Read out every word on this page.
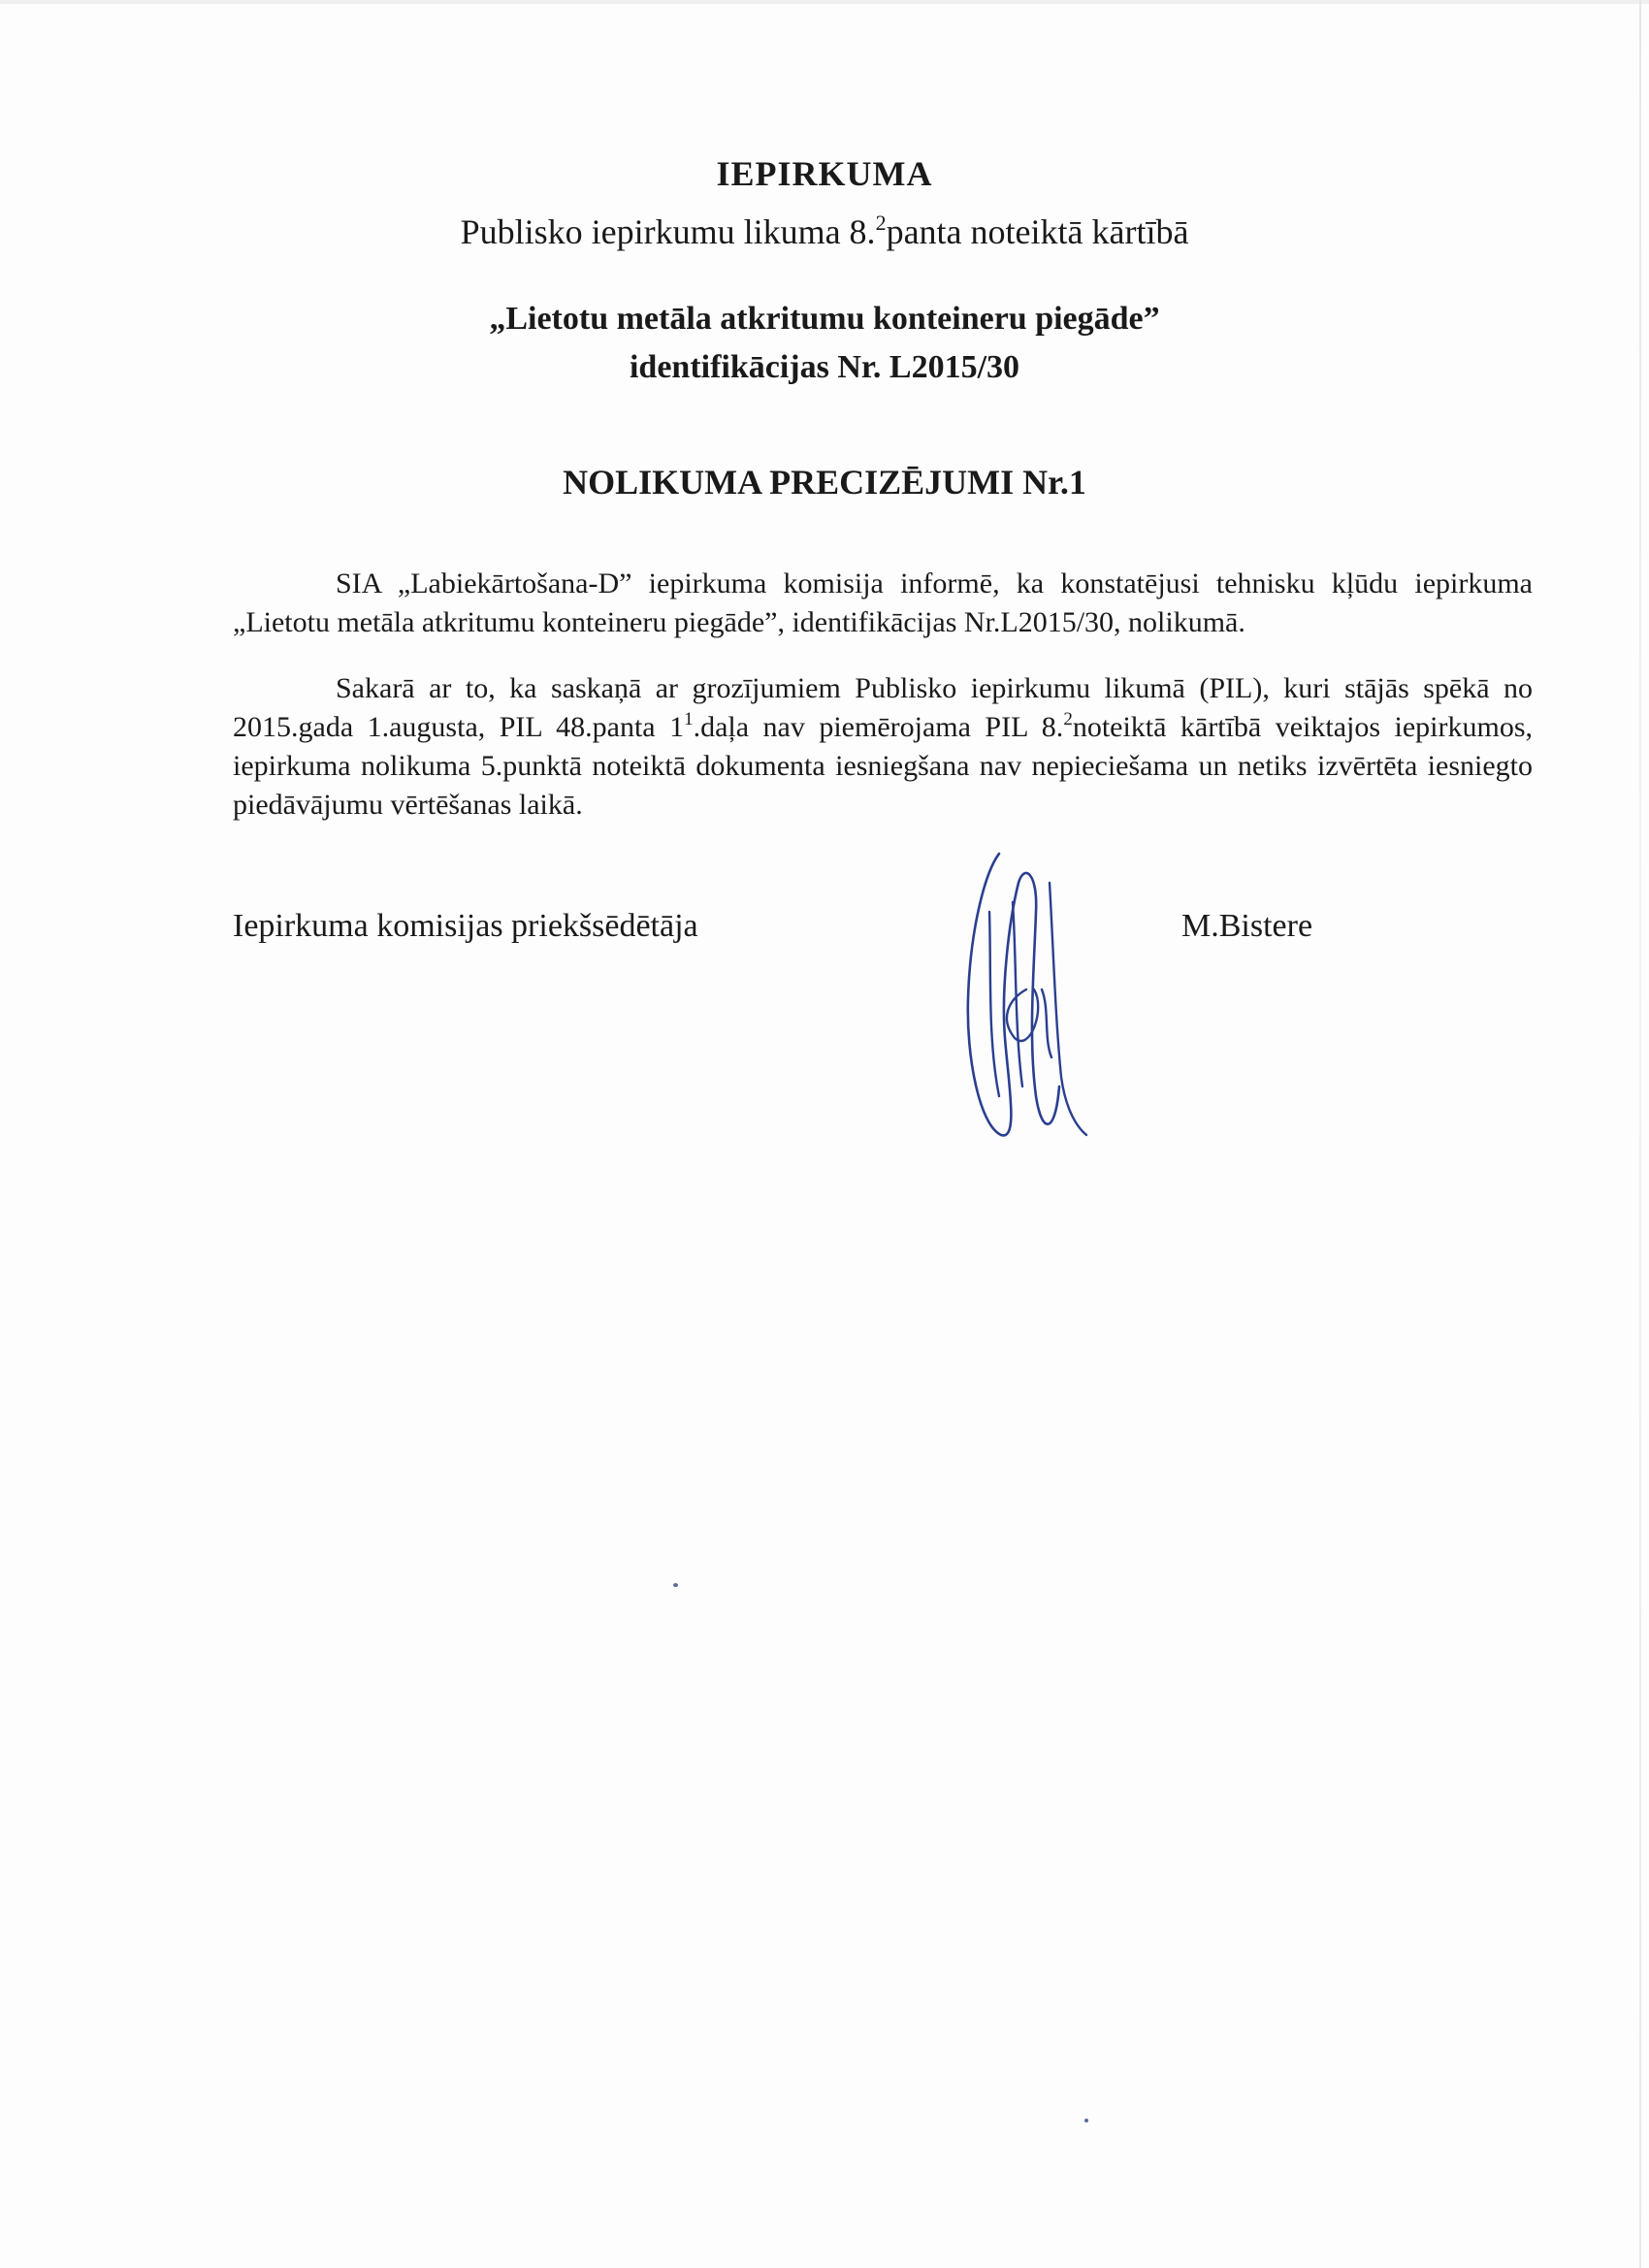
IEPIRKUMA
Publisko iepirkumu likuma 8.$^2$panta noteiktā kārtībā
„Lietotu metāla atkritumu konteineru piegāde”
identifikācijas Nr. L2015/30
NOLIKUMA PRECIZĒJUMI Nr.1
SIA „Labiekārtošana-D” iepirkuma komisija informē, ka konstatējusi tehnisku kļūdu iepirkuma „Lietotu metāla atkritumu konteineru piegāde”, identifikācijas Nr.L2015/30, nolikumā.
Sakarā ar to, ka saskaņā ar grozījumiem Publisko iepirkumu likumā (PIL), kuri stājās spēkā no 2015.gada 1.augusta, PIL 48.panta $1^1.daļa$ nav piemērojama PIL 8.$^2$noteiktā kārtībā veiktajos iepirkumos, iepirkuma nolikuma 5.punktā noteiktā dokumenta iesniegšana nav nepieciešama un netiks izvērtēta iesniegto piedāvājumu vērtēšanas laikā.
Iepirkuma komisijas priekšsēdētāja	M.Bistere
